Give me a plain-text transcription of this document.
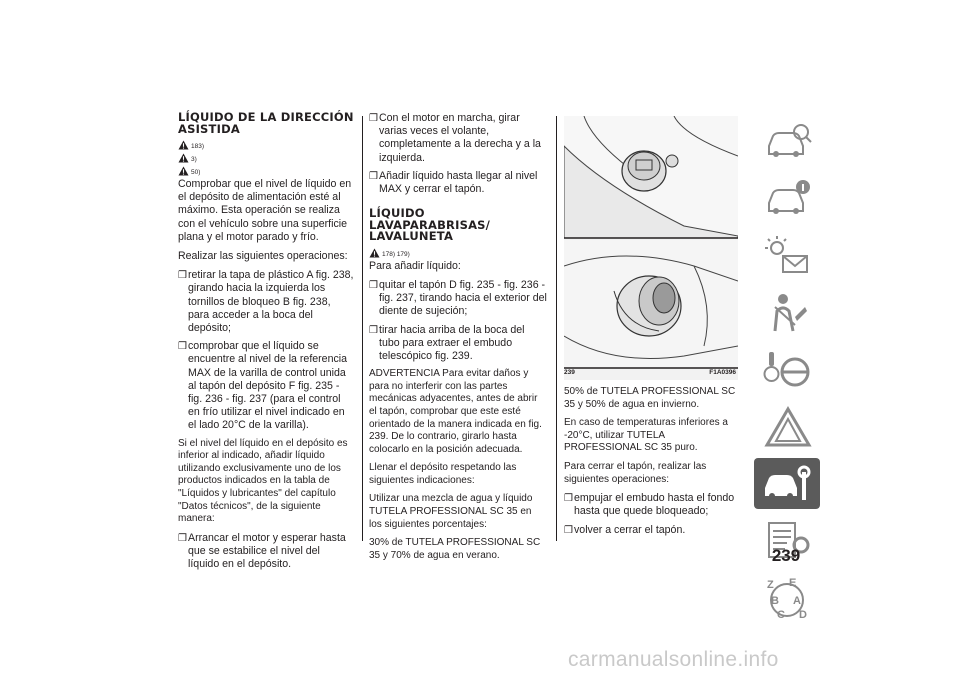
LÍQUIDO DE LA DIRECCIÓN ASISTIDA
183)
3)
50)

Comprobar que el nivel de líquido en el depósito de alimentación esté al máximo. Esta operación se realiza con el vehículo sobre una superficie plana y el motor parado y frío.

Realizar las siguientes operaciones:

❒ retirar la tapa de plástico A fig. 238, girando hacia la izquierda los tornillos de bloqueo B fig. 238, para acceder a la boca del depósito;
❒ comprobar que el líquido se encuentre al nivel de la referencia MAX de la varilla de control unida al tapón del depósito F fig. 235 - fig. 236 - fig. 237 (para el control en frío utilizar el nivel indicado en el lado 20°C de la varilla).

Si el nivel del líquido en el depósito es inferior al indicado, añadir líquido utilizando exclusivamente uno de los productos indicados en la tabla de "Líquidos y lubricantes" del capítulo "Datos técnicos", de la siguiente manera:

❒ Arrancar el motor y esperar hasta que se estabilice el nivel del líquido en el depósito.
❒ Con el motor en marcha, girar varias veces el volante, completamente a la derecha y a la izquierda.
❒ Añadir líquido hasta llegar al nivel MAX y cerrar el tapón.
LÍQUIDO LAVAPARABRISAS/ LAVALUNETA
178) 179)

Para añadir líquido:

❒ quitar el tapón D fig. 235 - fig. 236 - fig. 237, tirando hacia el exterior del diente de sujeción;
❒ tirar hacia arriba de la boca del tubo para extraer el embudo telescópico fig. 239.

ADVERTENCIA Para evitar daños y para no interferir con las partes mecánicas adyacentes, antes de abrir el tapón, comprobar que este esté orientado de la manera indicada en fig. 239. De lo contrario, girarlo hasta colocarlo en la posición adecuada.

Llenar el depósito respetando las siguientes indicaciones:

Utilizar una mezcla de agua y líquido TUTELA PROFESSIONAL SC 35 en los siguientes porcentajes:

30% de TUTELA PROFESSIONAL SC 35 y 70% de agua en verano.

239	F1A0396

50% de TUTELA PROFESSIONAL SC 35 y 50% de agua en invierno.

En caso de temperaturas inferiores a -20°C, utilizar TUTELA PROFESSIONAL SC 35 puro.

Para cerrar el tapón, realizar las siguientes operaciones:

❒ empujar el embudo hasta el fondo hasta que quede bloqueado;
❒ volver a cerrar el tapón.
Z E
B A
C D
239
carmanualsonline.info
